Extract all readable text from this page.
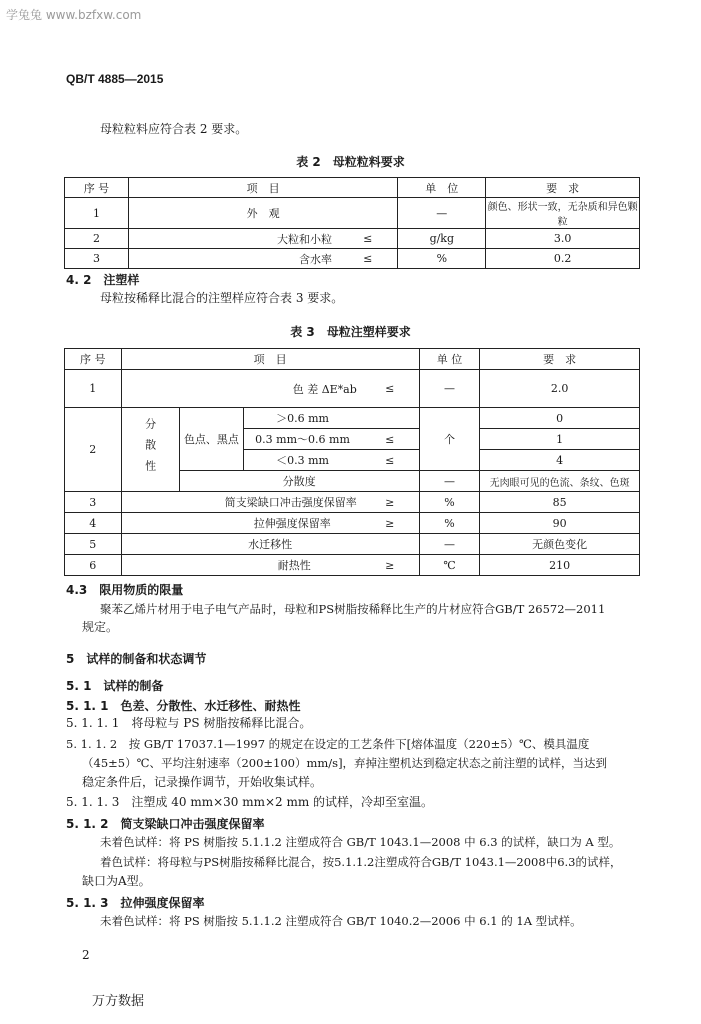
学兔兔 www.bzfxw.com
QB/T 4885—2015
母粒粒料应符合表 2 要求。
表 2　母粒粒料要求
序 号	项　目		单　位	要　求
1	外　观		—	颜色、形状一致，无杂质和异色颗粒
2	大粒和小粒	≤	g/kg	3.0
3	含水率	≤	%	0.2
4. 2　注塑样
母粒按稀释比混合的注塑样应符合表 3 要求。
表 3　母粒注塑样要求
序 号	项　目				单 位	要　求
1	色 差 ΔE*ab			≤	—	2.0
2	分散性	色点、黑点	＞0.6 mm		个	0
			0.3 mm～0.6 mm	≤		1
			＜0.3 mm	≤		4
		分散度			—	无肉眼可见的色流、条纹、色斑
3	简支梁缺口冲击强度保留率			≥	%	85
4	拉伸强度保留率			≥	%	90
5	水迁移性				—	无颜色变化
6	耐热性			≥	℃	210
4.3　限用物质的限量
聚苯乙烯片材用于电子电气产品时，母粒和PS树脂按稀释比生产的片材应符合GB/T 26572—2011
规定。
5　试样的制备和状态调节
5. 1　试样的制备
5. 1. 1　色差、分散性、水迁移性、耐热性
5. 1. 1. 1　将母粒与 PS 树脂按稀释比混合。
5. 1. 1. 2　按 GB/T 17037.1—1997 的规定在设定的工艺条件下[熔体温度（220±5）℃、模具温度
（45±5）℃、平均注射速率（200±100）mm/s]，弃掉注塑机达到稳定状态之前注塑的试样，当达到
稳定条件后，记录操作调节，开始收集试样。
5. 1. 1. 3　注塑成 40 mm×30 mm×2 mm 的试样，冷却至室温。
5. 1. 2　简支梁缺口冲击强度保留率
未着色试样：将 PS 树脂按 5.1.1.2 注塑成符合 GB/T 1043.1—2008 中 6.3 的试样，缺口为 A 型。
着色试样：将母粒与PS树脂按稀释比混合，按5.1.1.2注塑成符合GB/T 1043.1—2008中6.3的试样，
缺口为A型。
5. 1. 3　拉伸强度保留率
未着色试样：将 PS 树脂按 5.1.1.2 注塑成符合 GB/T 1040.2—2006 中 6.1 的 1A 型试样。
2
万方数据
